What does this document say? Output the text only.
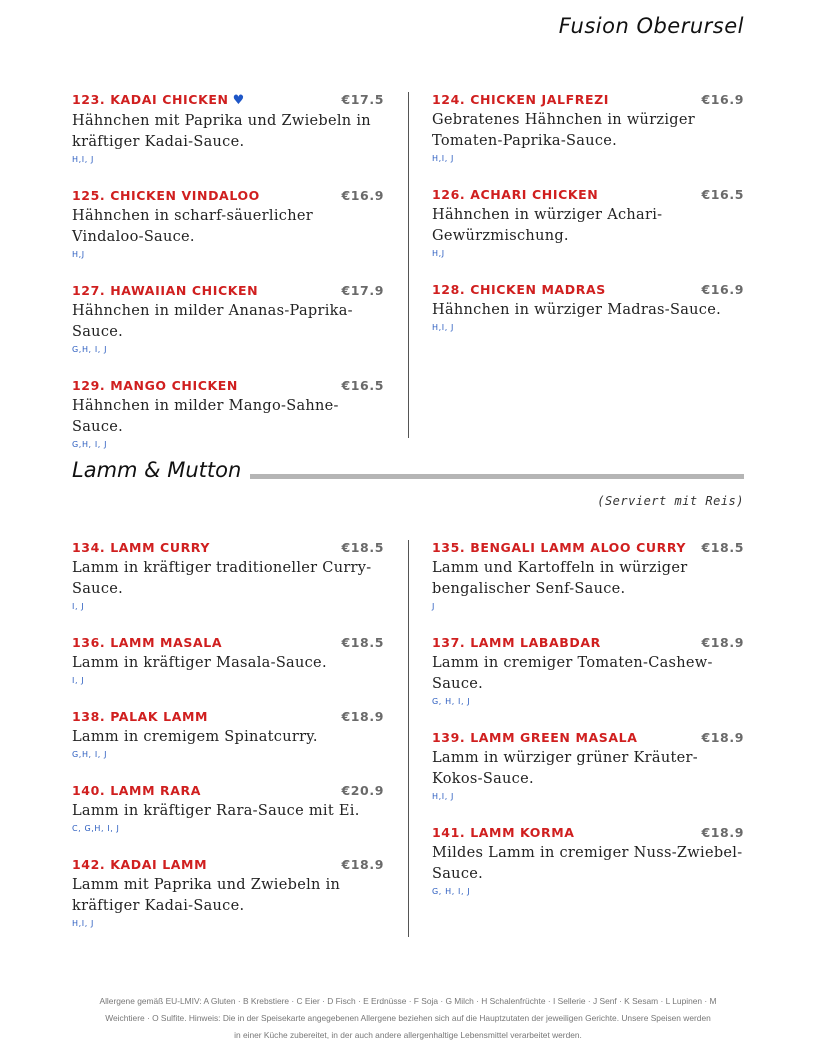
Fusion Oberursel
123. KADAI CHICKEN ♥	€17.5
Hähnchen mit Paprika und Zwiebeln in kräftiger Kadai-Sauce.
H,I, J
125. CHICKEN VINDALOO	€16.9
Hähnchen in scharf-säuerlicher Vindaloo-Sauce.
H,J
127. HAWAIIAN CHICKEN	€17.9
Hähnchen in milder Ananas-Paprika-Sauce.
G,H, I, J
129. MANGO CHICKEN	€16.5
Hähnchen in milder Mango-Sahne-Sauce.
G,H, I, J
124. CHICKEN JALFREZI	€16.9
Gebratenes Hähnchen in würziger Tomaten-Paprika-Sauce.
H,I, J
126. ACHARI CHICKEN	€16.5
Hähnchen in würziger Achari-Gewürzmischung.
H,J
128. CHICKEN MADRAS	€16.9
Hähnchen in würziger Madras-Sauce.
H,I, J
Lamm & Mutton
(Serviert mit Reis)
134. LAMM CURRY	€18.5
Lamm in kräftiger traditioneller Curry-Sauce.
I, J
136. LAMM MASALA	€18.5
Lamm in kräftiger Masala-Sauce.
I, J
138. PALAK LAMM	€18.9
Lamm in cremigem Spinatcurry.
G,H, I, J
140. LAMM RARA	€20.9
Lamm in kräftiger Rara-Sauce mit Ei.
C, G,H, I, J
142. KADAI LAMM	€18.9
Lamm mit Paprika und Zwiebeln in kräftiger Kadai-Sauce.
H,I, J
135. BENGALI LAMM ALOO CURRY €18.5
Lamm und Kartoffeln in würziger bengalischer Senf-Sauce.
J
137. LAMM LABABDAR	€18.9
Lamm in cremiger Tomaten-Cashew-Sauce.
G, H, I, J
139. LAMM GREEN MASALA	€18.9
Lamm in würziger grüner Kräuter-Kokos-Sauce.
H,I, J
141. LAMM KORMA	€18.9
Mildes Lamm in cremiger Nuss-Zwiebel-Sauce.
G, H, I, J
Allergene gemäß EU-LMIV: A Gluten · B Krebstiere · C Eier · D Fisch · E Erdnüsse · F Soja · G Milch · H Schalenfrüchte · I Sellerie · J Senf · K Sesam · L Lupinen · M
Weichtiere · O Sulfite. Hinweis: Die in der Speisekarte angegebenen Allergene beziehen sich auf die Hauptzutaten der jeweiligen Gerichte. Unsere Speisen werden
in einer Küche zubereitet, in der auch andere allergenhaltige Lebensmittel verarbeitet werden.
